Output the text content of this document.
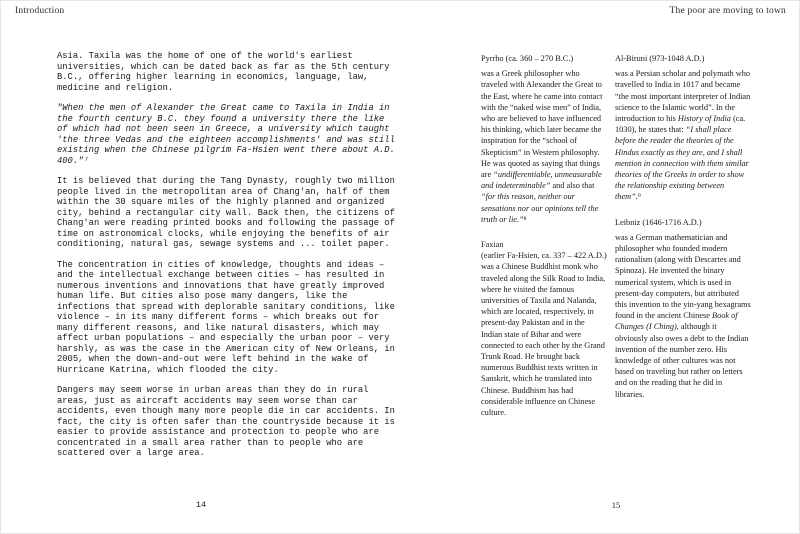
Introduction	The poor are moving to town

Asia. Taxila was the home of one of the world's earliest universities, which can be dated back as far as the 5th century B.C., offering higher learning in economics, language, law, medicine and religion.

"When the men of Alexander the Great came to Taxila in India in the fourth century B.C. they found a university there the like of which had not been seen in Greece, a university which taught 'the three Vedas and the eighteen accomplishments' and was still existing when the Chinese pilgrim Fa-Hsien went there about A.D. 400."⁷

It is believed that during the Tang Dynasty, roughly two million people lived in the metropolitan area of Chang'an, half of them within the 30 square miles of the highly planned and organized city, behind a rectangular city wall. Back then, the citizens of Chang'an were reading printed books and following the passage of time on astronomical clocks, while enjoying the benefits of air conditioning, natural gas, sewage systems and ... toilet paper.

The concentration in cities of knowledge, thoughts and ideas – and the intellectual exchange between cities – has resulted in numerous inventions and innovations that have greatly improved human life. But cities also pose many dangers, like the infections that spread with deplorable sanitary conditions, like violence – in its many different forms – which breaks out for many different reasons, and like natural disasters, which may affect urban populations – and especially the urban poor – very harshly, as was the case in the American city of New Orleans, in 2005, when the down-and-out were left behind in the wake of Hurricane Katrina, which flooded the city.

Dangers may seem worse in urban areas than they do in rural areas, just as aircraft accidents may seem worse than car accidents, even though many more people die in car accidents. In fact, the city is often safer than the countryside because it is easier to provide assistance and protection to people who are concentrated in a small area rather than to people who are scattered over a large area.

Pyrrho (ca. 360 – 270 B.C.)

was a Greek philosopher who traveled with Alexander the Great to the East, where he came into contact with the “naked wise men” of India, who are believed to have influenced his thinking, which later became the inspiration for the “school of Skepticism” in Western philosophy. He was quoted as saying that things are “undifferentiable, unmeasurable and indeterminable” and also that “for this reason, neither our sensations nor our opinions tell the truth or lie.”⁸

Faxian
(earlier Fa-Hsien, ca. 337 – 422 A.D.)

was a Chinese Buddhist monk who traveled along the Silk Road to India, where he visited the famous universities of Taxila and Nalanda, which are located, respectively, in present-day Pakistan and in the Indian state of Bihar and were connected to each other by the Grand Trunk Road. He brought back numerous Buddhist texts written in Sanskrit, which he translated into Chinese. Buddhism has had considerable influence on Chinese culture.

Al-Biruni (973-1048 A.D.)

was a Persian scholar and polymath who travelled to India in 1017 and became “the most important interpreter of Indian science to the Islamic world”. In the introduction to his History of India (ca. 1030), he states that: “I shall place before the reader the theories of the Hindus exactly as they are, and I shall mention in connection with them similar theories of the Greeks in order to show the relationship existing between them”.⁹

Leibniz (1646-1716 A.D.)

was a German mathematician and philosopher who founded modern rationalism (along with Descartes and Spinoza). He invented the binary numerical system, which is used in present-day computers, but attributed this invention to the yin-yang hexagrams found in the ancient Chinese Book of Changes (I Ching), although it obviously also owes a debt to the Indian invention of the number zero. His knowledge of other cultures was not based on traveling but rather on letters and on the reading that he did in libraries.

14	15
